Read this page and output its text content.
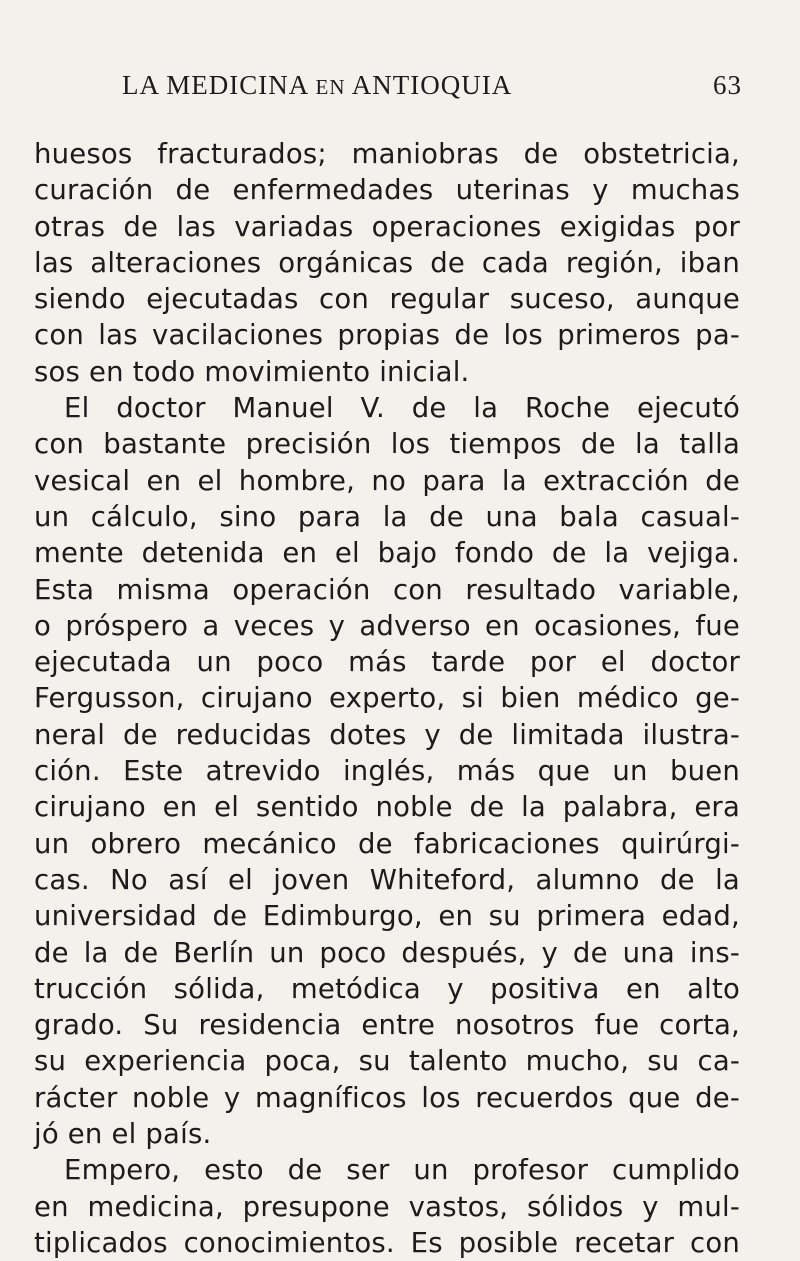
LA MEDICINA EN ANTIOQUIA	63
huesos fracturados; maniobras de obstetricia,
curación de enfermedades uterinas y muchas
otras de las variadas operaciones exigidas por
las alteraciones orgánicas de cada región, iban
siendo ejecutadas con regular suceso, aunque
con las vacilaciones propias de los primeros pa-
sos en todo movimiento inicial.
El doctor Manuel V. de la Roche ejecutó
con bastante precisión los tiempos de la talla
vesical en el hombre, no para la extracción de
un cálculo, sino para la de una bala casual-
mente detenida en el bajo fondo de la vejiga.
Esta misma operación con resultado variable,
o próspero a veces y adverso en ocasiones, fue
ejecutada un poco más tarde por el doctor
Fergusson, cirujano experto, si bien médico ge-
neral de reducidas dotes y de limitada ilustra-
ción. Este atrevido inglés, más que un buen
cirujano en el sentido noble de la palabra, era
un obrero mecánico de fabricaciones quirúrgi-
cas. No así el joven Whiteford, alumno de la
universidad de Edimburgo, en su primera edad,
de la de Berlín un poco después, y de una ins-
trucción sólida, metódica y positiva en alto
grado. Su residencia entre nosotros fue corta,
su experiencia poca, su talento mucho, su ca-
rácter noble y magníficos los recuerdos que de-
jó en el país.
Empero, esto de ser un profesor cumplido
en medicina, presupone vastos, sólidos y mul-
tiplicados conocimientos. Es posible recetar con
